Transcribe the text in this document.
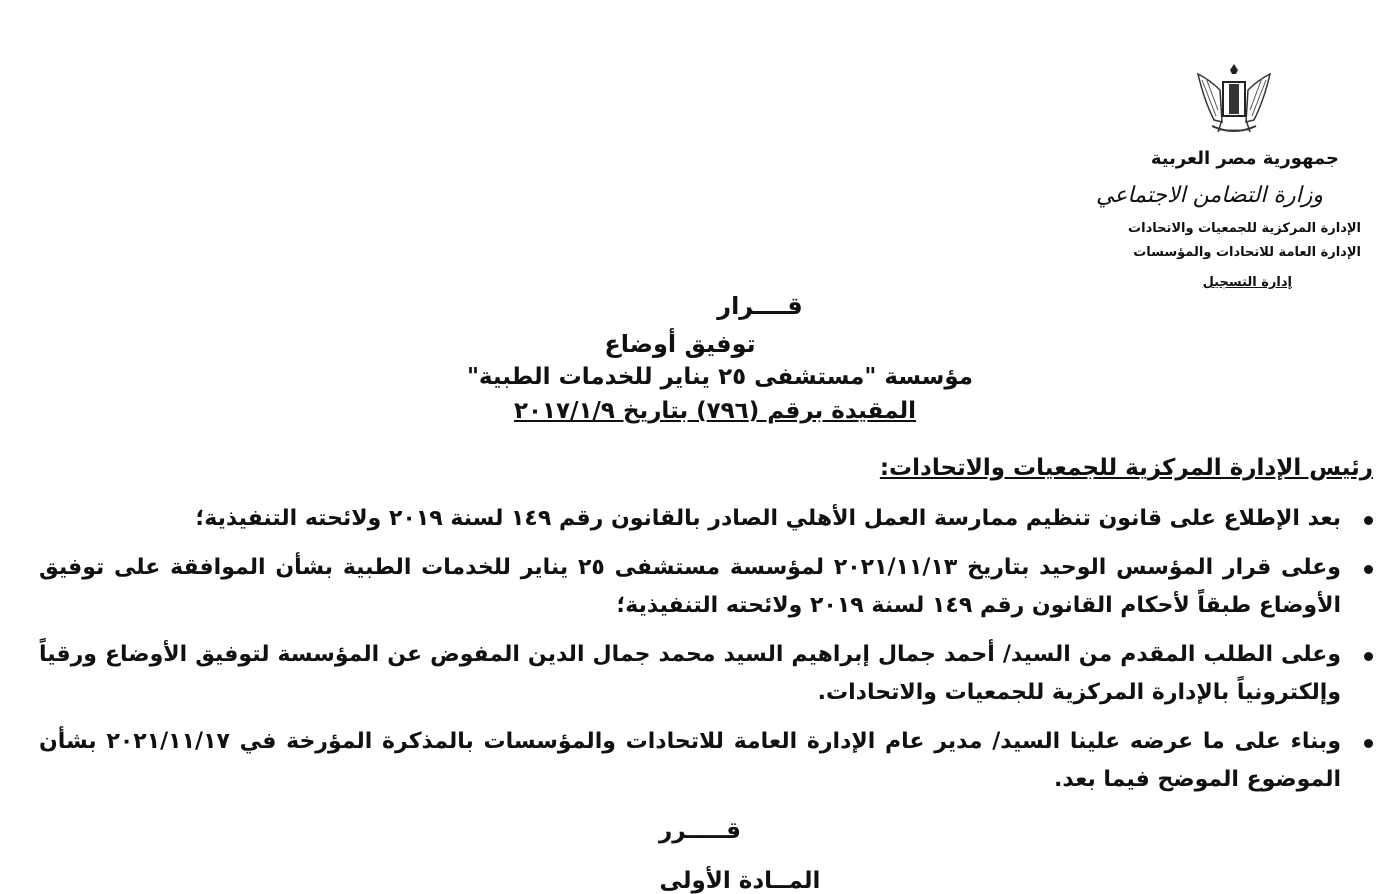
جمهورية مصر العربية
وزارة التضامن الاجتماعي
الإدارة المركزية للجمعيات والاتحادات
الإدارة العامة للاتحادات والمؤسسات
إدارة التسجيل
قــــرار
توفيق أوضاع
مؤسسة "مستشفى ٢٥ يناير للخدمات الطبية"
المقيدة برقم (٧٩٦) بتاريخ ٢٠١٧/١/٩
رئيس الإدارة المركزية للجمعيات والاتحادات:
بعد الإطلاع على قانون تنظيم ممارسة العمل الأهلي الصادر بالقانون رقم ١٤٩ لسنة ٢٠١٩ ولائحته التنفيذية؛
وعلى قرار المؤسس الوحيد بتاريخ ٢٠٢١/١١/١٣ لمؤسسة مستشفى ٢٥ يناير للخدمات الطبية بشأن الموافقة على توفيق الأوضاع طبقاً لأحكام القانون رقم ١٤٩ لسنة ٢٠١٩ ولائحته التنفيذية؛
وعلى الطلب المقدم من السيد/ أحمد جمال إبراهيم السيد محمد جمال الدين المفوض عن المؤسسة لتوفيق الأوضاع ورقياً وإلكترونياً بالإدارة المركزية للجمعيات والاتحادات.
وبناء على ما عرضه علينا السيد/ مدير عام الإدارة العامة للاتحادات والمؤسسات بالمذكرة المؤرخة في ٢٠٢١/١١/١٧ بشأن الموضوع الموضح فيما بعد.
قـــــرر
المــادة الأولى
